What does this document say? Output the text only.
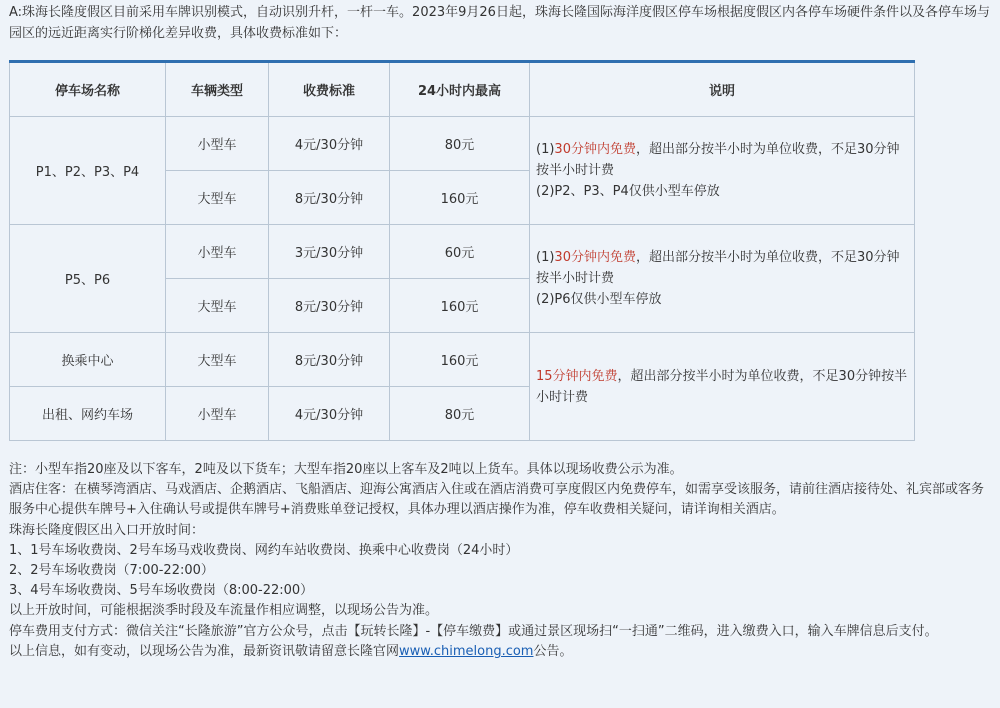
A:珠海长隆度假区目前采用车牌识别模式，自动识别升杆，一杆一车。2023年9月26日起，珠海长隆国际海洋度假区停车场根据度假区内各停车场硬件条件以及各停车场与园区的远近距离实行阶梯化差异收费，具体收费标准如下：

停车场名称	车辆类型	收费标准	24小时内最高	说明
P1、P2、P3、P4	小型车	4元/30分钟	80元	(1)30分钟内免费，超出部分按半小时为单位收费，不足30分钟按半小时计费
(2)P2、P3、P4仅供小型车停放
	大型车	8元/30分钟	160元	
P5、P6	小型车	3元/30分钟	60元	(1)30分钟内免费，超出部分按半小时为单位收费，不足30分钟按半小时计费
(2)P6仅供小型车停放
	大型车	8元/30分钟	160元	
换乘中心	大型车	8元/30分钟	160元	15分钟内免费，超出部分按半小时为单位收费，不足30分钟按半小时计费
出租、网约车场	小型车	4元/30分钟	80元	

注：小型车指20座及以下客车，2吨及以下货车；大型车指20座以上客车及2吨以上货车。具体以现场收费公示为准。

酒店住客：在横琴湾酒店、马戏酒店、企鹅酒店、飞船酒店、迎海公寓酒店入住或在酒店消费可享度假区内免费停车，如需享受该服务，请前往酒店接待处、礼宾部或客务服务中心提供车牌号+入住确认号或提供车牌号+消费账单登记授权，具体办理以酒店操作为准，停车收费相关疑问，请详询相关酒店。

珠海长隆度假区出入口开放时间：

1、1号车场收费岗、2号车场马戏收费岗、网约车站收费岗、换乘中心收费岗（24小时）

2、2号车场收费岗（7:00-22:00）

3、4号车场收费岗、5号车场收费岗（8:00-22:00）

以上开放时间，可能根据淡季时段及车流量作相应调整，以现场公告为准。

停车费用支付方式：微信关注“长隆旅游”官方公众号，点击【玩转长隆】-【停车缴费】或通过景区现场扫“一扫通”二维码，进入缴费入口，输入车牌信息后支付。

以上信息，如有变动，以现场公告为准，最新资讯敬请留意长隆官网www.chimelong.com公告。
